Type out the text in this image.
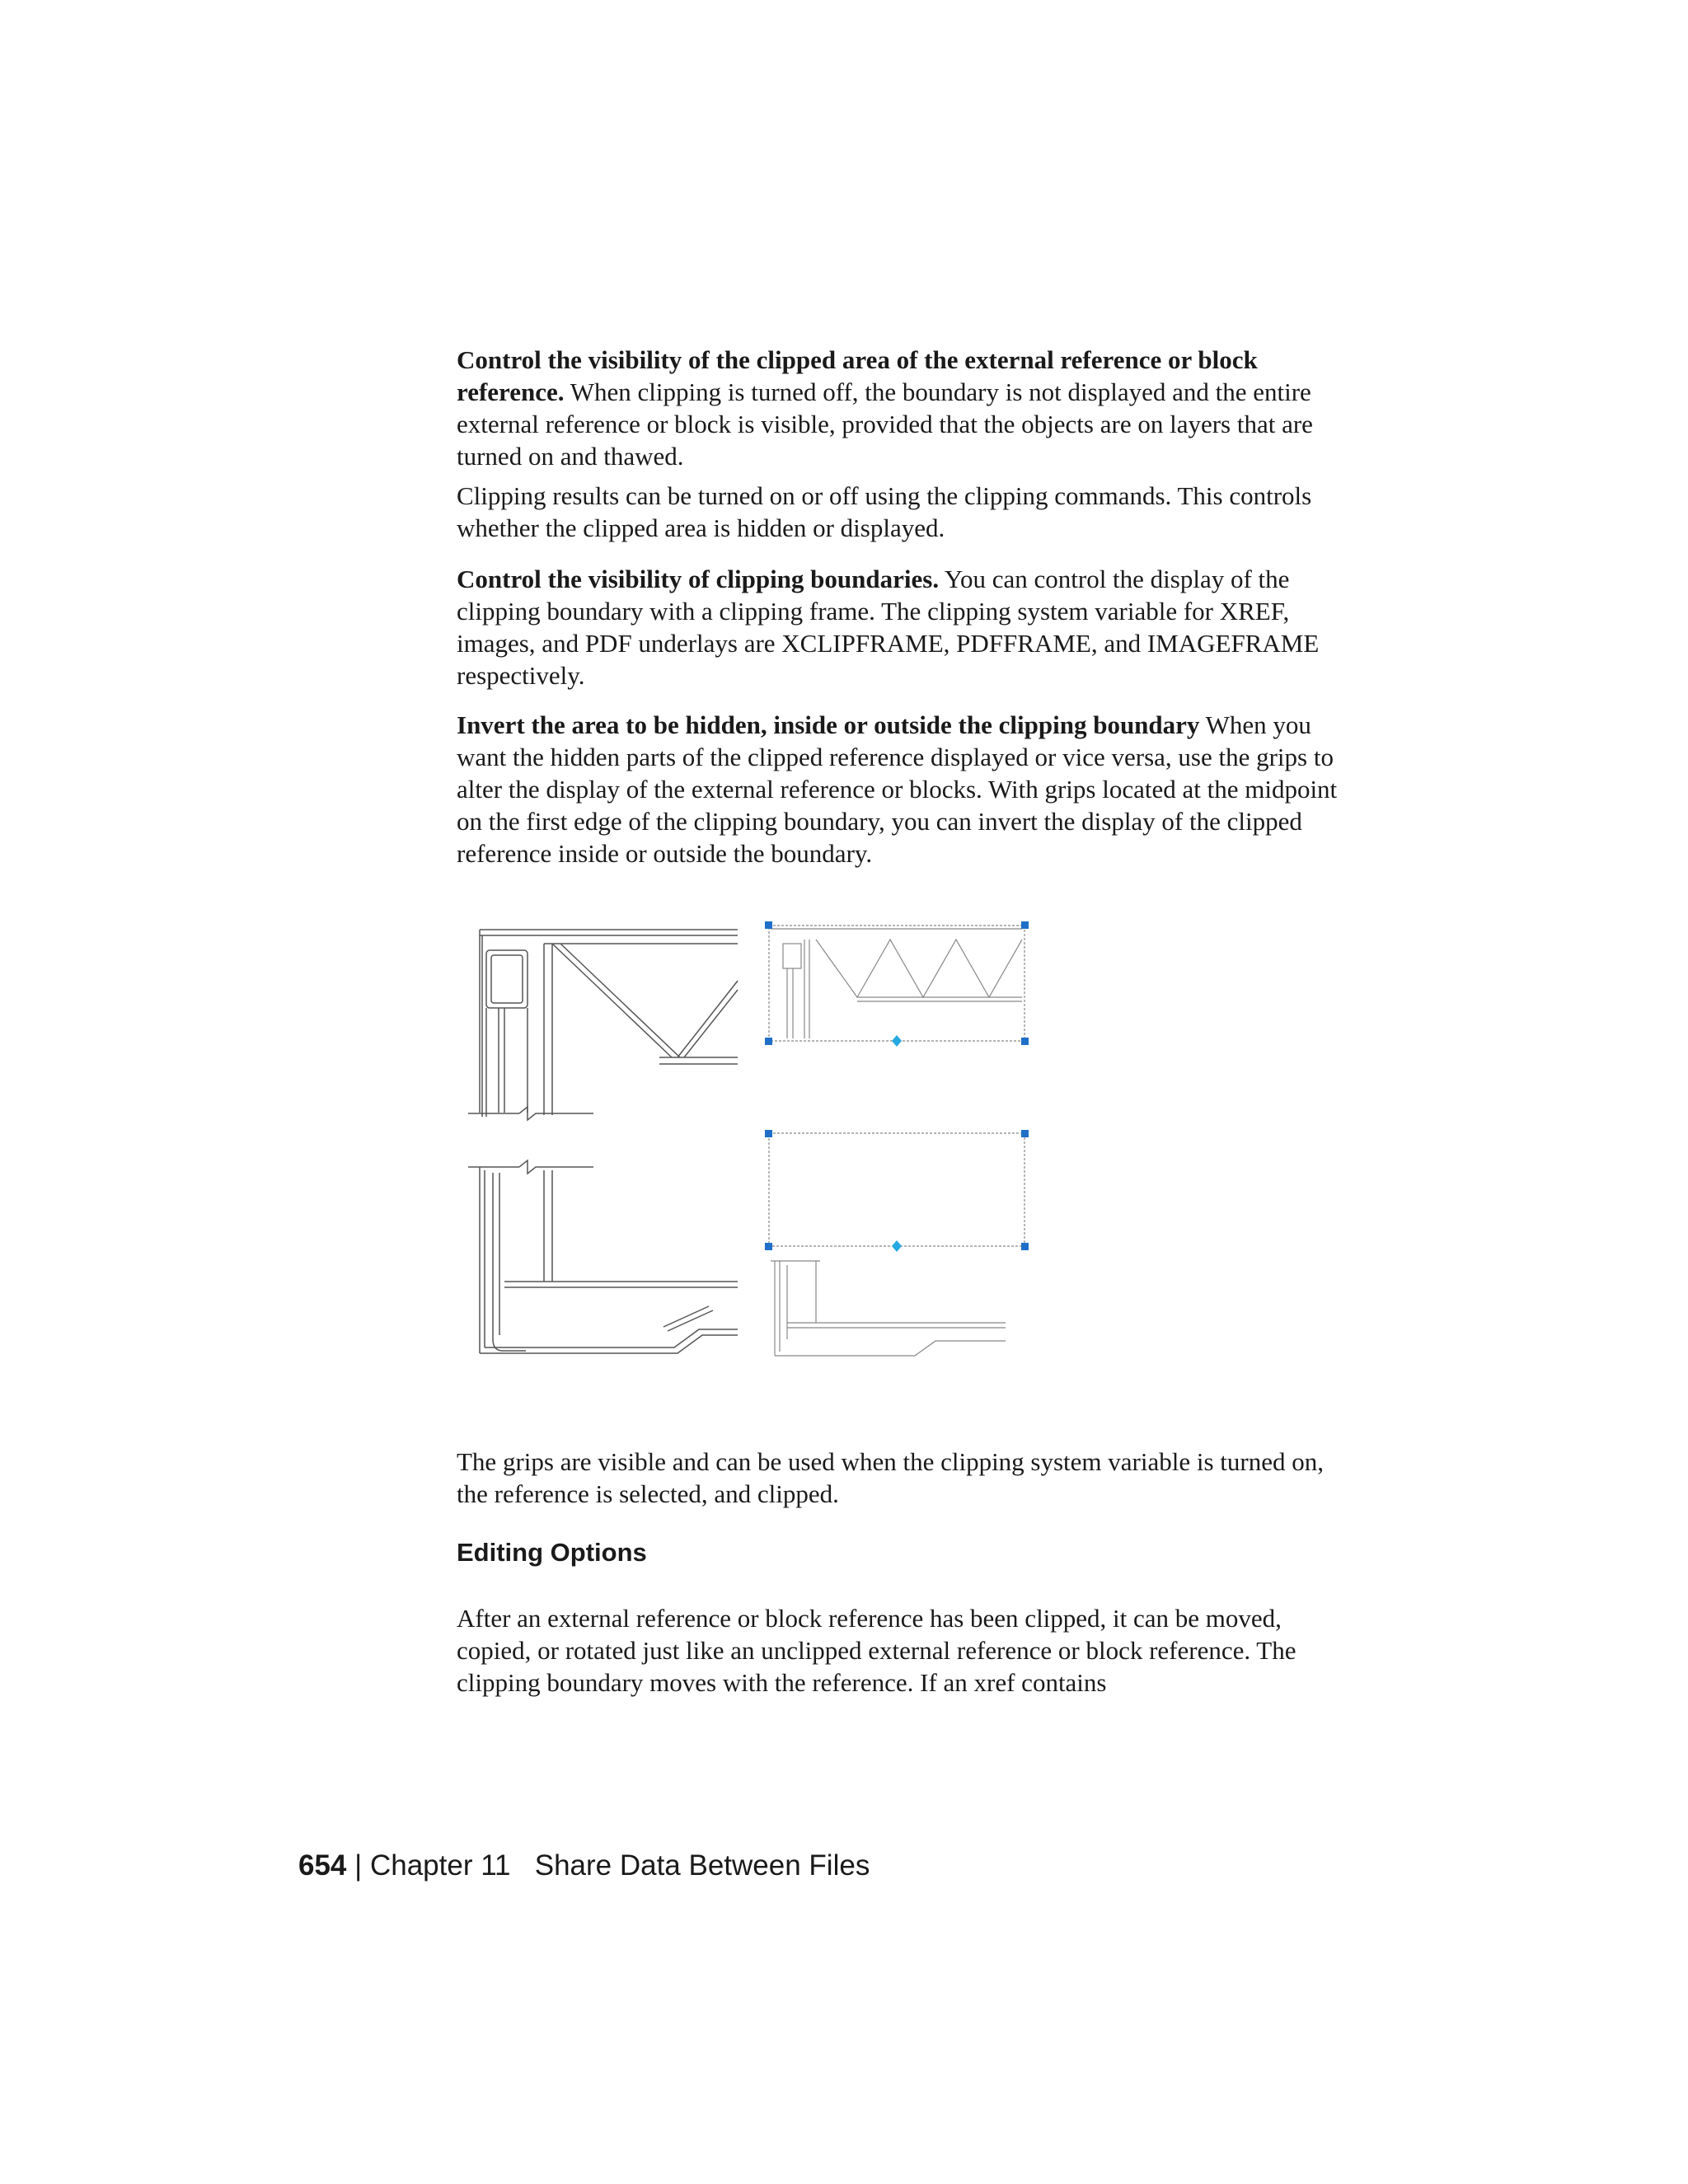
Control the visibility of the clipped area of the external reference or block reference. When clipping is turned off, the boundary is not displayed and the entire external reference or block is visible, provided that the objects are on layers that are turned on and thawed.

Clipping results can be turned on or off using the clipping commands. This controls whether the clipped area is hidden or displayed.

Control the visibility of clipping boundaries. You can control the display of the clipping boundary with a clipping frame. The clipping system variable for XREF, images, and PDF underlays are XCLIPFRAME, PDFFRAME, and IMAGEFRAME respectively.

Invert the area to be hidden, inside or outside the clipping boundary When you want the hidden parts of the clipped reference displayed or vice versa, use the grips to alter the display of the external reference or blocks. With grips located at the midpoint on the first edge of the clipping boundary, you can invert the display of the clipped reference inside or outside the boundary.

The grips are visible and can be used when the clipping system variable is turned on, the reference is selected, and clipped.

Editing Options

After an external reference or block reference has been clipped, it can be moved, copied, or rotated just like an unclipped external reference or block reference. The clipping boundary moves with the reference. If an xref contains

654 | Chapter 11 Share Data Between Files
